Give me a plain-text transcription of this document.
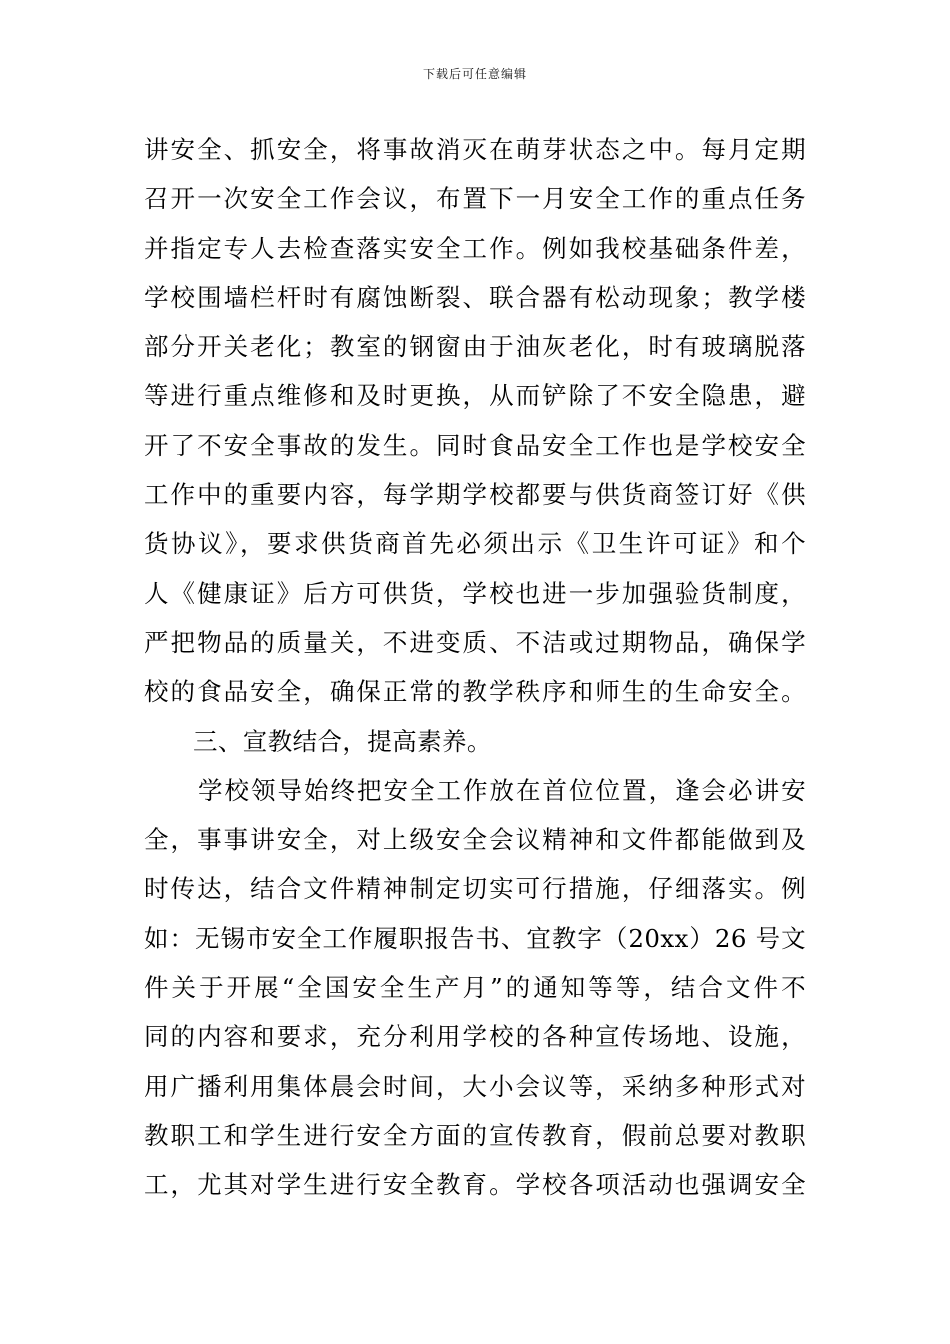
下载后可任意编辑
讲安全、抓安全，将事故消灭在萌芽状态之中。每月定期
召开一次安全工作会议，布置下一月安全工作的重点任务
并指定专人去检查落实安全工作。例如我校基础条件差，
学校围墙栏杆时有腐蚀断裂、联合器有松动现象；教学楼
部分开关老化；教室的钢窗由于油灰老化，时有玻璃脱落
等进行重点维修和及时更换，从而铲除了不安全隐患，避
开了不安全事故的发生。同时食品安全工作也是学校安全
工作中的重要内容，每学期学校都要与供货商签订好《供
货协议》，要求供货商首先必须出示《卫生许可证》和个
人《健康证》后方可供货，学校也进一步加强验货制度，
严把物品的质量关，不进变质、不洁或过期物品，确保学
校的食品安全，确保正常的教学秩序和师生的生命安全。
三、宣教结合，提高素养。
学校领导始终把安全工作放在首位位置，逢会必讲安
全，事事讲安全，对上级安全会议精神和文件都能做到及
时传达，结合文件精神制定切实可行措施，仔细落实。例
如：无锡市安全工作履职报告书、宜教字（20xx）26 号文
件关于开展“全国安全生产月”的通知等等，结合文件不
同的内容和要求，充分利用学校的各种宣传场地、设施，
用广播利用集体晨会时间，大小会议等，采纳多种形式对
教职工和学生进行安全方面的宣传教育，假前总要对教职
工，尤其对学生进行安全教育。学校各项活动也强调安全
